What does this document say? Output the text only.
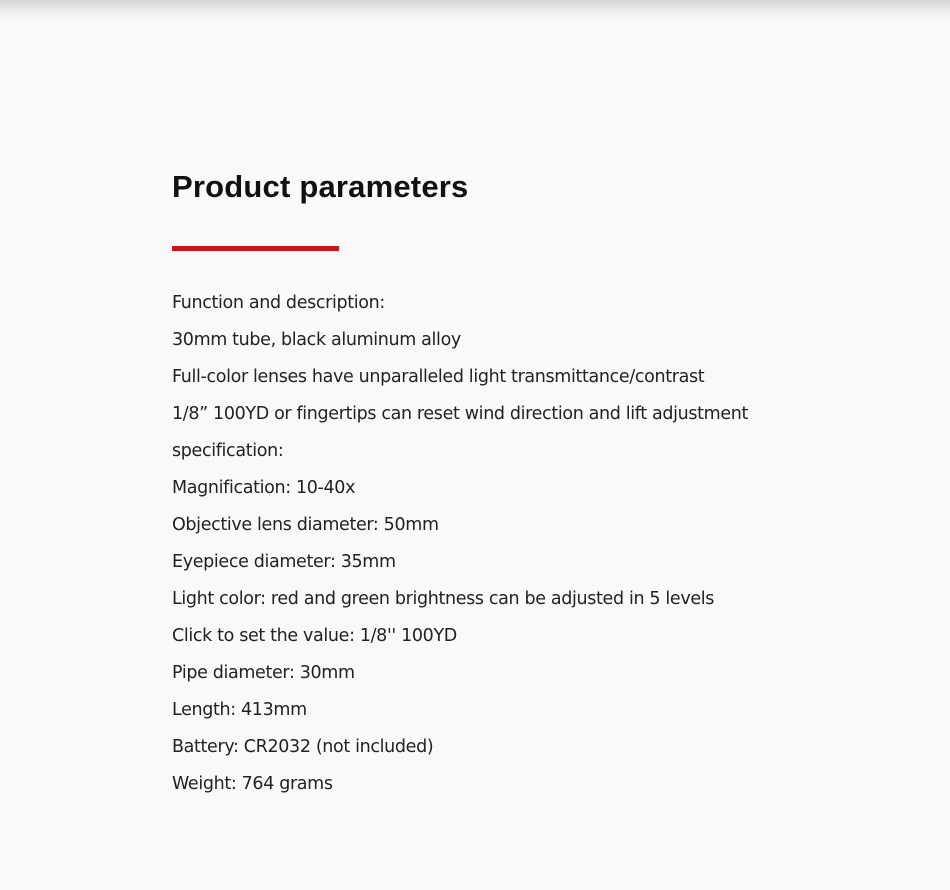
Product parameters
Function and description:
30mm tube, black aluminum alloy
Full-color lenses have unparalleled light transmittance/contrast
1/8” 100YD or fingertips can reset wind direction and lift adjustment
specification:
Magnification: 10-40x
Objective lens diameter: 50mm
Eyepiece diameter: 35mm
Light color: red and green brightness can be adjusted in 5 levels
Click to set the value: 1/8'' 100YD
Pipe diameter: 30mm
Length: 413mm
Battery: CR2032 (not included)
Weight: 764 grams
